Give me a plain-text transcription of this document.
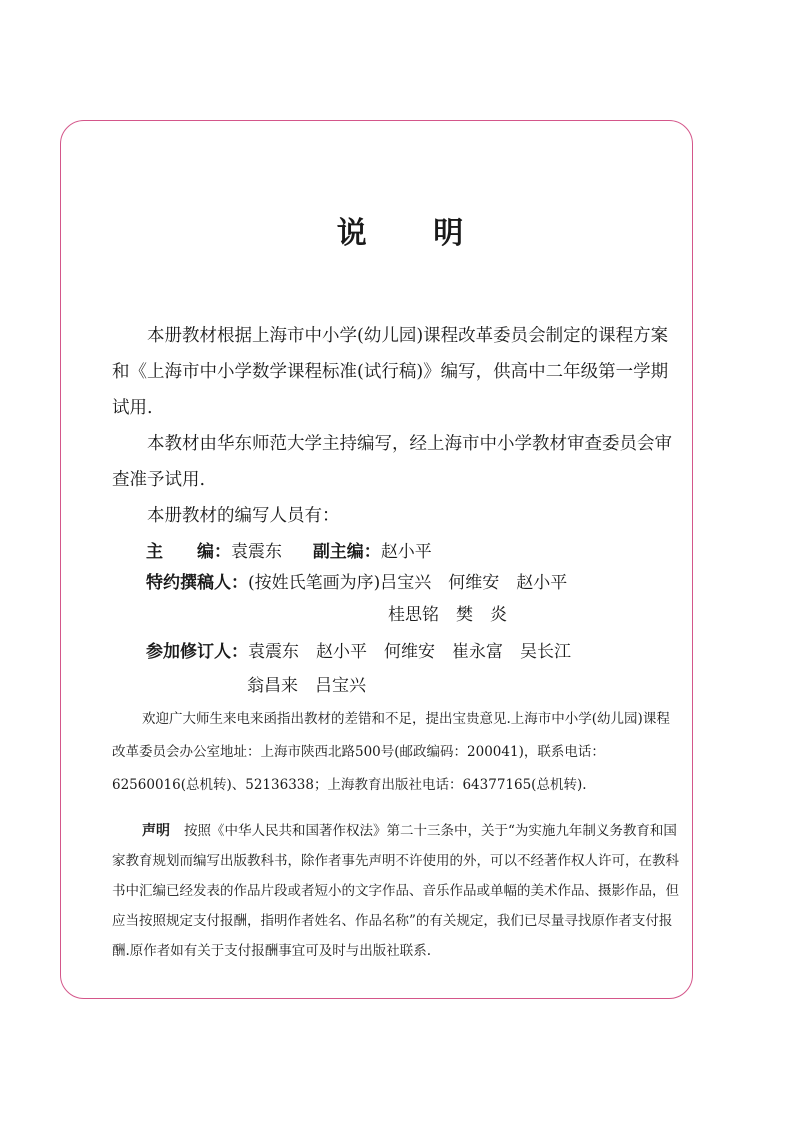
说 明

本册教材根据上海市中小学(幼儿园)课程改革委员会制定的课程方案和《上海市中小学数学课程标准(试行稿)》编写，供高中二年级第一学期试用.

本教材由华东师范大学主持编写，经上海市中小学教材审查委员会审查准予试用.

本册教材的编写人员有：

主　　编：袁震东 副主编：赵小平
特约撰稿人：(按姓氏笔画为序)吕宝兴　何维安　赵小平
桂思铭　樊　炎
参加修订人：袁震东　赵小平　何维安　崔永富　吴长江
翁昌来　吕宝兴

欢迎广大师生来电来函指出教材的差错和不足，提出宝贵意见.上海市中小学(幼儿园)课程改革委员会办公室地址：上海市陕西北路500号(邮政编码：200041)，联系电话：62560016(总机转)、52136338；上海教育出版社电话：64377165(总机转).

声明 按照《中华人民共和国著作权法》第二十三条中，关于“为实施九年制义务教育和国家教育规划而编写出版教科书，除作者事先声明不许使用的外，可以不经著作权人许可，在教科书中汇编已经发表的作品片段或者短小的文字作品、音乐作品或单幅的美术作品、摄影作品，但应当按照规定支付报酬，指明作者姓名、作品名称”的有关规定，我们已尽量寻找原作者支付报酬.原作者如有关于支付报酬事宜可及时与出版社联系.
